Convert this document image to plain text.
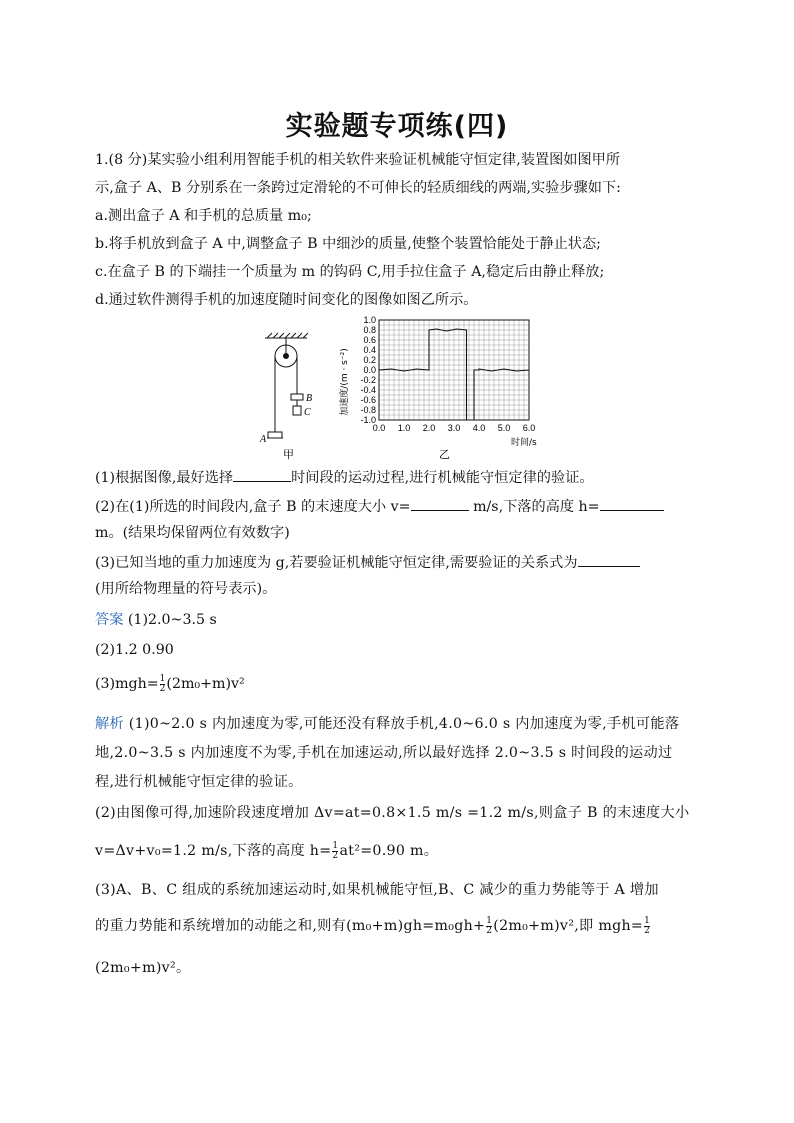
实验题专项练(四)
1.(8 分)某实验小组利用智能手机的相关软件来验证机械能守恒定律,装置图如图甲所
示,盒子 A、B 分别系在一条跨过定滑轮的不可伸长的轻质细线的两端,实验步骤如下:
a.测出盒子 A 和手机的总质量 m₀;
b.将手机放到盒子 A 中,调整盒子 B 中细沙的质量,使整个装置恰能处于静止状态;
c.在盒子 B 的下端挂一个质量为 m 的钩码 C,用手拉住盒子 A,稳定后由静止释放;
d.通过软件测得手机的加速度随时间变化的图像如图乙所示。
B
C
A
甲
加速度/(m · s⁻²)
时间/s
乙
1.0
0.8
0.6
0.4
0.2
0.0
-0.2
-0.4
-0.6
-0.8
-1.0
0.0 1.0 2.0 3.0 4.0 5.0 6.0
(1)根据图像,最好选择	时间段的运动过程,进行机械能守恒定律的验证。
(2)在(1)所选的时间段内,盒子 B 的末速度大小 v=	m/s,下落的高度 h=
m。(结果均保留两位有效数字)
(3)已知当地的重力加速度为 g,若要验证机械能守恒定律,需要验证的关系式为
(用所给物理量的符号表示)。
答案 (1)2.0~3.5 s
(2)1.2 0.90
$(3)mgh= \frac{1}{2} (2m_0+m)v^2$
解析 (1)0~2.0 s 内加速度为零,可能还没有释放手机,4.0~6.0 s 内加速度为零,手机可能落
地,2.0~3.5 s 内加速度不为零,手机在加速运动,所以最好选择 2.0~3.5 s 时间段的运动过
程,进行机械能守恒定律的验证。
(2)由图像可得,加速阶段速度增加 Δv=at=0.8×1.5 m/s =1.2 m/s,则盒子 B 的末速度大小
v=Δv+v₀=1.2 m/s,下落的高度 $h= \frac{1}{2} at^2=0.90$ m。
(3)A、B、C 组成的系统加速运动时,如果机械能守恒,B、C 减少的重力势能等于 A 增加
的重力势能和系统增加的动能之和,则有$(m_0+m)gh=m_0gh+ \frac{1}{2} (2m_0+m)v^2$,即 $mgh= \frac{1}{2}$
(2m₀+m)v²。
